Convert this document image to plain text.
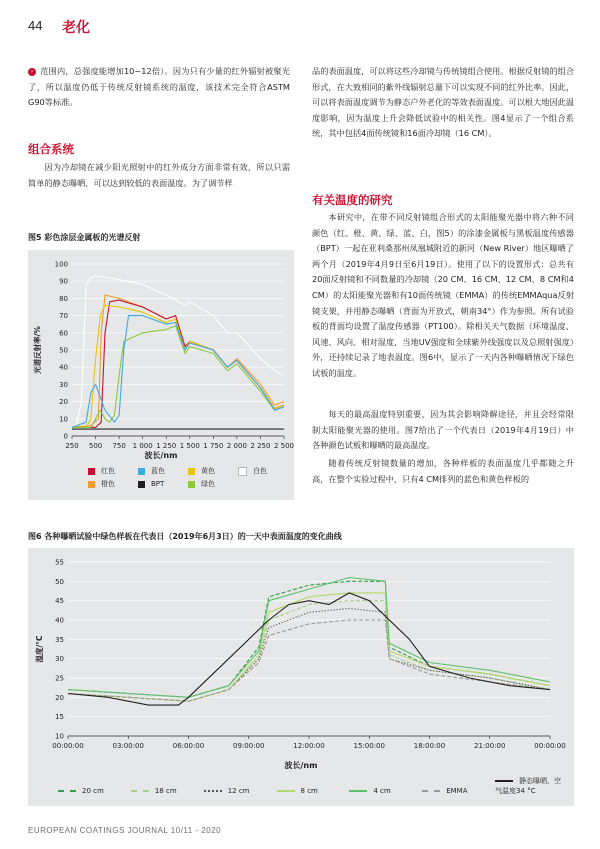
44 老化

› 范围内，总强度能增加10~12倍）。因为只有少量的红外辐射被聚光了，所以温度仍低于传统反射镜系统的温度，该技术完全符合ASTM G90等标准。

组合系统
因为冷却镜在减少阳光照射中的红外成分方面非常有效，所以只需简单的静态曝晒，可以达到较低的表面温度。为了调节样
品的表面温度，可以将这些冷却镜与传统镜组合使用。根据反射镜的组合形式，在大致相同的紫外线辐射总量下可以实现不同的红外比率。因此，可以将表面温度调节为静态户外老化的等效表面温度。可以根大地因此温度影响，因为温度上升会降低试验中的相关性。图4显示了一个组合系统，其中包括4面传统镜和16面冷却镜（16 CM）。
有关温度的研究
本研究中，在带不同反射镜组合形式的太阳能聚光器中将六种不同颜色（红、橙、黄、绿、蓝、白，图5）的涂漆金属板与黑板温度传感器（BPT）一起在亚利桑那州凤凰城附近的新河（New River）地区曝晒了两个月（2019年4月9日至6月19日）。使用了以下的设置形式：总共有20面反射镜和不同数量的冷却镜（20 CM、16 CM、12 CM、8 CM和4 CM）的太阳能聚光器和有10面传统镜（EMMA）的传统EMMAqua反射镜支架，并用静态曝晒（背面为开放式，朝南34°）作为参照。所有试验板的背面均设置了温度传感器（PT100）。除相关天气数据（环境温度、风速、风向、相对湿度，当地UV强度和全球紫外线强度以及总照射强度）外，还持续记录了地表温度。图6中，显示了一天内各种曝晒情况下绿色试板的温度。
每天的最高温度特别重要，因为其会影响降解途径，并且会经常限制太阳能聚光器的使用。图7给出了一个代表日（2019年4月19日）中各种颜色试板和曝晒的最高温度。
随着传统反射镜数量的增加，各种样板的表面温度几乎都随之升高，在整个实验过程中，只有4 CM排列的蓝色和黄色样板的
图5 彩色涂层金属板的光谱反射
0
10
20
30
40
50
60
70
80
90
100
250 500 750 1 000 1 250 1 500 1 750 2 000 2 250 2 500
光谱反射率/%
波长/nm
红色	蓝色	黄色	白色橙色	BPT	绿色
图6 各种曝晒试验中绿色样板在代表日（2019年6月3日）的一天中表面温度的变化曲线
10
15
20
25
30
35
40
45
50
55
00:00:00	03:00:00	06:00:00	09:00:00	12:00:00	15:00:00	18:00:00	21:00:00	00:00:00
温度/°C
波长/nm
20 cm	18 cm	12 cm	8 cm	4 cm	EMMA静态曝晒，空气温度34 °C
EUROPEAN COATINGS JOURNAL 10/11 - 2020
